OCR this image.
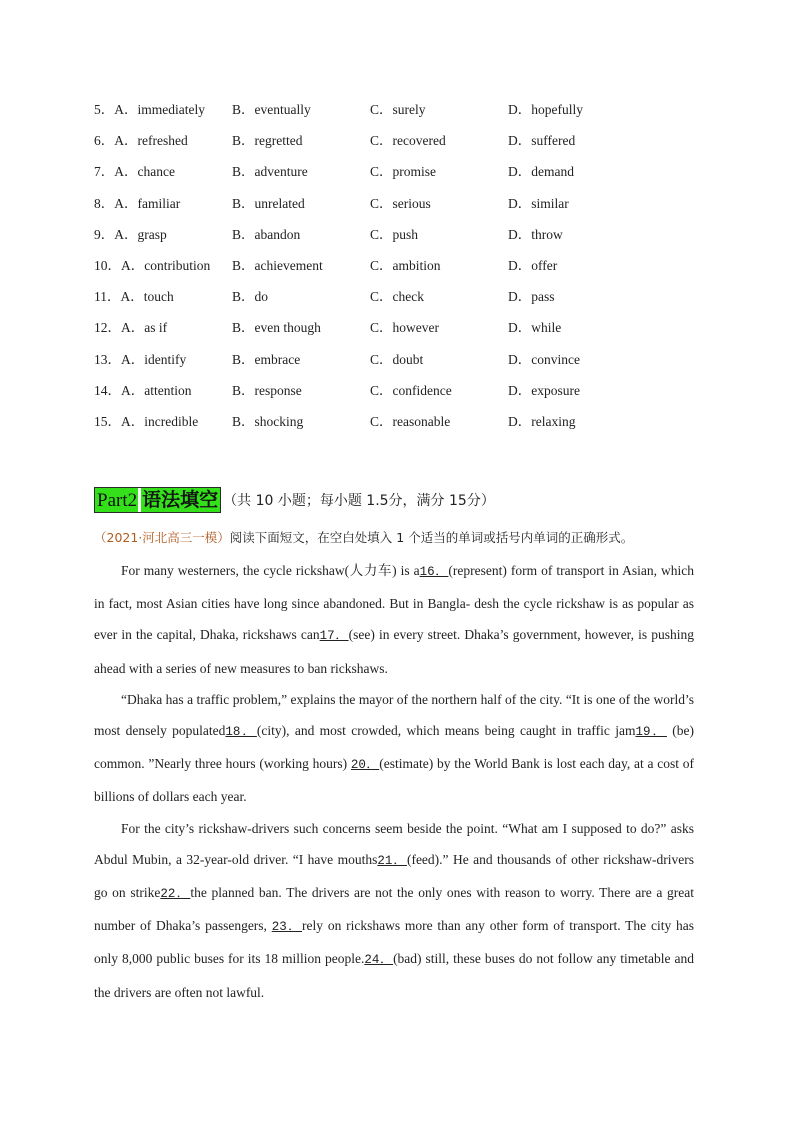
5．A．immediately B．eventually	C．surely	D．hopefully
6．A．refreshed	B．regretted	C．recovered	D．suffered
7．A．chance	B．adventure	C．promise	D．demand
8．A．familiar	B．unrelated	C．serious	D．similar
9．A．grasp	B．abandon	C．push	D．throw
10．A．contribution B．achievement	C．ambition	D．offer
11．A．touch	B．do	C．check	D．pass
12．A．as if	B．even though	C．however	D．while
13．A．identify	B．embrace	C．doubt	D．convince
14．A．attention	B．response	C．confidence	D．exposure
15．A．incredible	B．shocking	C．reasonable	D．relaxing
Part2 语法填空 （共 10 小题；每小题 1.5分，满分 15分）
（2021·河北高三一模）阅读下面短文，在空白处填入 1 个适当的单词或括号内单词的正确形式。

For many westerners, the cycle rickshaw(人力车) is a16．(represent) form of transport in Asian, which in fact, most Asian cities have long since abandoned. But in Bangla- desh the cycle rickshaw is as popular as ever in the capital, Dhaka, rickshaws can17．(see) in every street. Dhaka’s government, however, is pushing ahead with a series of new measures to ban rickshaws.

“Dhaka has a traffic problem,” explains the mayor of the northern half of the city. “It is one of the world’s most densely populated18．(city), and most crowded, which means being caught in traffic jam19． (be) common. ”Nearly three hours (working hours) 20．(estimate) by the World Bank is lost each day, at a cost of billions of dollars each year.

For the city’s rickshaw-drivers such concerns seem beside the point. “What am I supposed to do?” asks Abdul Mubin, a 32-year-old driver. “I have mouths21．(feed).” He and thousands of other rickshaw-drivers go on strike22．the planned ban. The drivers are not the only ones with reason to worry. There are a great number of Dhaka’s passengers, 23．rely on rickshaws more than any other form of transport. The city has only 8,000 public buses for its 18 million people.24．(bad) still, these buses do not follow any timetable and the drivers are often not lawful.
